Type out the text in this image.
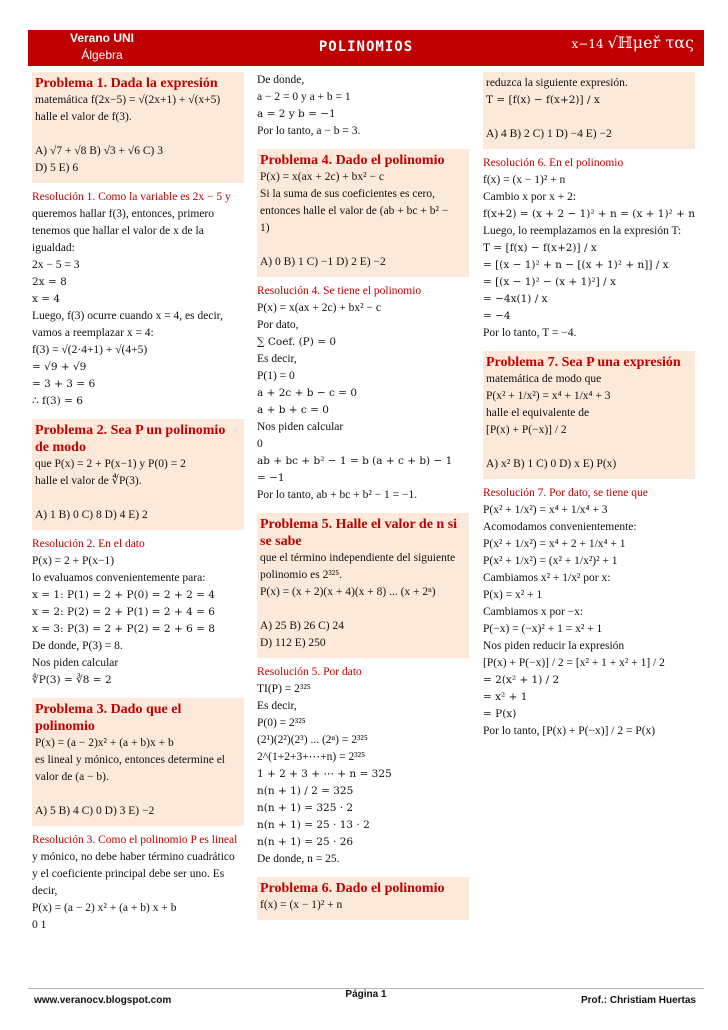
Verano UNI
Álgebra	POLINOMIOS	x−14 √ℍμeř τας
Problema 1. Dada la expresión
matemática f(2x−5) = √(2x+1) + √(x+5)
halle el valor de f(3).
A) √7 + √8 B) √3 + √6 C) 3
D) 5 E) 6
Resolución 1. Como la variable es 2x − 5 y
queremos hallar f(3), entonces, primero
tenemos que hallar el valor de x de la
igualdad:
2x − 5 = 3
2x = 8
x = 4
Luego, f(3) ocurre cuando x = 4, es decir,
vamos a reemplazar x = 4:
f(3) = √(2·4+1) + √(4+5)
= √9 + √9
= 3 + 3 = 6
∴ f(3) = 6
Problema 2. Sea P un polinomio de modo
que P(x) = 2 + P(x−1) y P(0) = 2
halle el valor de ∜P(3).
A) 1 B) 0 C) 8 D) 4 E) 2
Resolución 2. En el dato
P(x) = 2 + P(x−1)
lo evaluamos convenientemente para:
x = 1: P(1) = 2 + P(0) = 2 + 2 = 4
x = 2: P(2) = 2 + P(1) = 2 + 4 = 6
x = 3: P(3) = 2 + P(2) = 2 + 6 = 8
De donde, P(3) = 8.
Nos piden calcular
∜P(3) = ∛8 = 2
Problema 3. Dado que el polinomio
P(x) = (a − 2)x² + (a + b)x + b
es lineal y mónico, entonces determine el
valor de (a − b).
A) 5 B) 4 C) 0 D) 3 E) −2
Resolución 3. Como el polinomio P es lineal
y mónico, no debe haber término cuadrático
y el coeficiente principal debe ser uno. Es
decir,
P(x) = (a − 2) x² + (a + b) x + b
0 1
De donde,
a − 2 = 0 y a + b = 1
a = 2 y b = −1
Por lo tanto, a − b = 3.
Problema 4. Dado el polinomio
P(x) = x(ax + 2c) + bx² − c
Si la suma de sus coeficientes es cero,
entonces halle el valor de (ab + bc + b² −
1)
A) 0 B) 1 C) −1 D) 2 E) −2
Resolución 4. Se tiene el polinomio
P(x) = x(ax + 2c) + bx² − c
Por dato,
∑ Coef. (P) = 0
Es decir,
P(1) = 0
a + 2c + b − c = 0
a + b + c = 0
Nos piden calcular
0
ab + bc + b² − 1 = b (a + c + b) − 1
= −1
Por lo tanto, ab + bc + b² − 1 = −1.
Problema 5. Halle el valor de n si se sabe
que el término independiente del siguiente
polinomio es 2³²⁵.
P(x) = (x + 2)(x + 4)(x + 8) ... (x + 2ⁿ)
A) 25 B) 26 C) 24
D) 112 E) 250
Resolución 5. Por dato
TI(P) = 2³²⁵
Es decir,
P(0) = 2³²⁵
(2¹)(2²)(2³) ... (2ⁿ) = 2³²⁵
2^(1+2+3+⋯+n) = 2³²⁵
1 + 2 + 3 + ⋯ + n = 325
n(n + 1) / 2 = 325
n(n + 1) = 325 · 2
n(n + 1) = 25 · 13 · 2
n(n + 1) = 25 · 26
De donde, n = 25.
Problema 6. Dado el polinomio
f(x) = (x − 1)² + n
reduzca la siguiente expresión.
T = [f(x) − f(x+2)] / x
A) 4 B) 2 C) 1 D) −4 E) −2
Resolución 6. En el polinomio
f(x) = (x − 1)² + n
Cambio x por x + 2:
f(x+2) = (x + 2 − 1)² + n = (x + 1)² + n
Luego, lo reemplazamos en la expresión T:
T = [f(x) − f(x+2)] / x
= [(x − 1)² + n − [(x + 1)² + n]] / x
= [(x − 1)² − (x + 1)²] / x
= −4x(1) / x
= −4
Por lo tanto, T = −4.
Problema 7. Sea P una expresión
matemática de modo que
P(x² + 1/x²) = x⁴ + 1/x⁴ + 3
halle el equivalente de
[P(x) + P(−x)] / 2
A) x² B) 1 C) 0 D) x E) P(x)
Resolución 7. Por dato, se tiene que
P(x² + 1/x²) = x⁴ + 1/x⁴ + 3
Acomodamos convenientemente:
P(x² + 1/x²) = x⁴ + 2 + 1/x⁴ + 1
P(x² + 1/x²) = (x² + 1/x²)² + 1
Cambiamos x² + 1/x² por x:
P(x) = x² + 1
Cambiamos x por −x:
P(−x) = (−x)² + 1 = x² + 1
Nos piden reducir la expresión
[P(x) + P(−x)] / 2 = [x² + 1 + x² + 1] / 2
= 2(x² + 1) / 2
= x² + 1
= P(x)
Por lo tanto, [P(x) + P(−x)] / 2 = P(x)
www.veranocv.blogspot.com
Página 1
Prof.: Christiam Huertas
